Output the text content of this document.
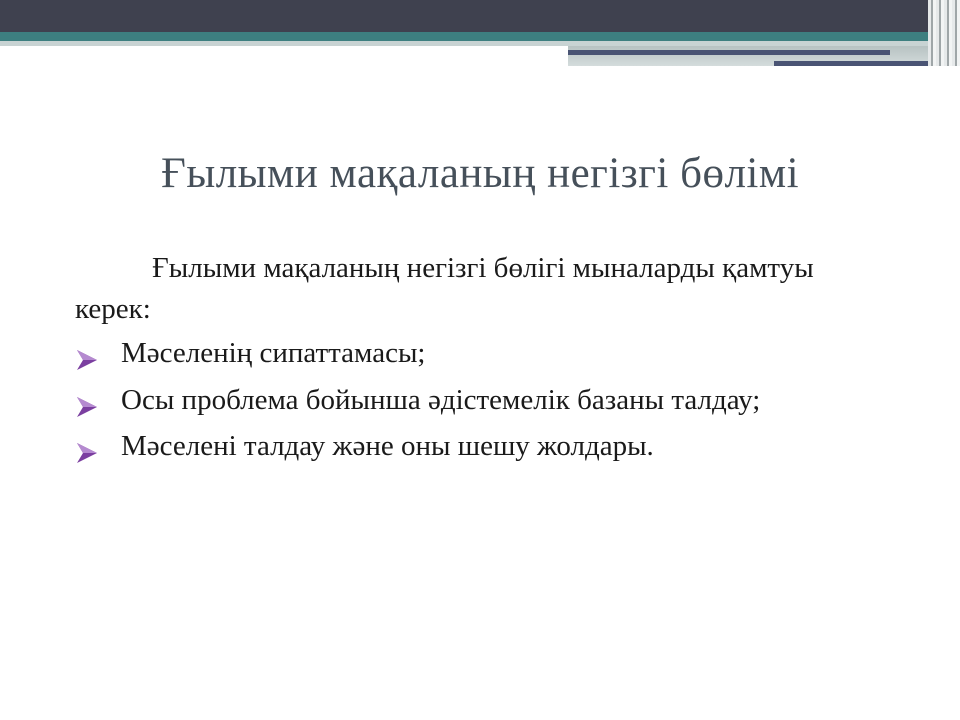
Ғылыми мақаланың негізгі бөлімі

Ғылыми мақаланың негізгі бөлігі мыналарды қамтуы керек:

Мәселенің сипаттамасы;
Осы проблема бойынша әдістемелік базаны талдау;
Мәселені талдау және оны шешу жолдары.
